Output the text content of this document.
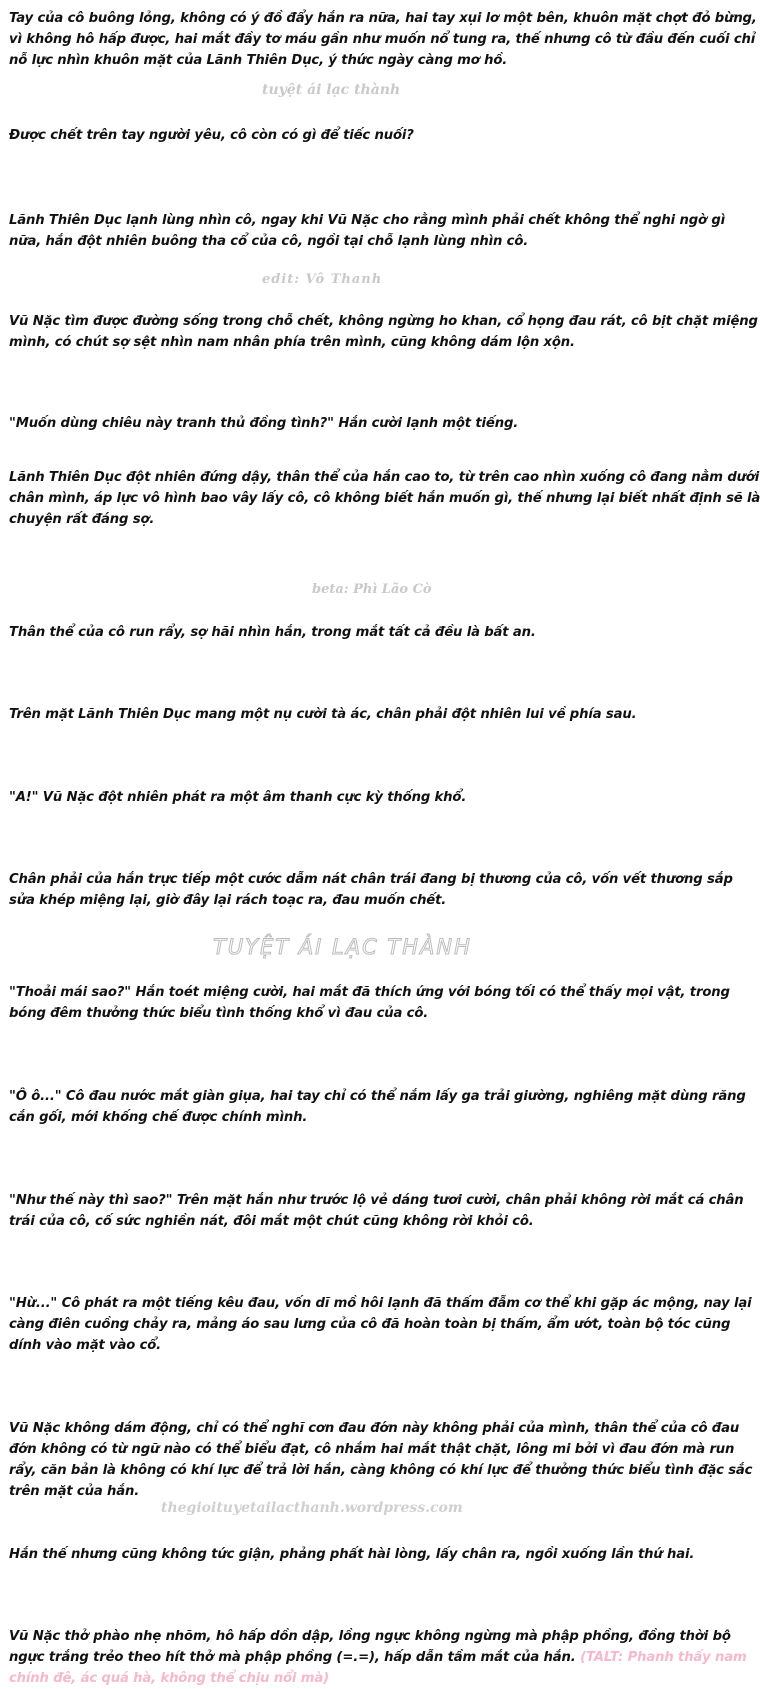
Tay của cô buông lỏng, không có ý đồ đẩy hắn ra nữa, hai tay xụi lơ một bên, khuôn mặt chợt đỏ bừng, vì không hô hấp được, hai mắt đầy tơ máu gần như muốn nổ tung ra, thế nhưng cô từ đầu đến cuối chỉ nỗ lực nhìn khuôn mặt của Lãnh Thiên Dục, ý thức ngày càng mơ hồ.

tuyệt ái lạc thành

Được chết trên tay người yêu, cô còn có gì để tiếc nuối?

Lãnh Thiên Dục lạnh lùng nhìn cô, ngay khi Vũ Nặc cho rằng mình phải chết không thể nghi ngờ gì nữa, hắn đột nhiên buông tha cổ của cô, ngồi tại chỗ lạnh lùng nhìn cô.

edit: Vô Thanh

Vũ Nặc tìm được đường sống trong chỗ chết, không ngừng ho khan, cổ họng đau rát, cô bịt chặt miệng mình, có chút sợ sệt nhìn nam nhân phía trên mình, cũng không dám lộn xộn.

"Muốn dùng chiêu này tranh thủ đồng tình?" Hắn cười lạnh một tiếng.

Lãnh Thiên Dục đột nhiên đứng dậy, thân thể của hắn cao to, từ trên cao nhìn xuống cô đang nằm dưới chân mình, áp lực vô hình bao vây lấy cô, cô không biết hắn muốn gì, thế nhưng lại biết nhất định sẽ là chuyện rất đáng sợ.

beta: Phì Lão Cò

Thân thể của cô run rẩy, sợ hãi nhìn hắn, trong mắt tất cả đều là bất an.

Trên mặt Lãnh Thiên Dục mang một nụ cười tà ác, chân phải đột nhiên lui về phía sau.

"A!" Vũ Nặc đột nhiên phát ra một âm thanh cực kỳ thống khổ.

Chân phải của hắn trực tiếp một cước dẫm nát chân trái đang bị thương của cô, vốn vết thương sắp sửa khép miệng lại, giờ đây lại rách toạc ra, đau muốn chết.

TUYỆT ÁI LẠC THÀNH

"Thoải mái sao?" Hắn toét miệng cười, hai mắt đã thích ứng với bóng tối có thể thấy mọi vật, trong bóng đêm thưởng thức biểu tình thống khổ vì đau của cô.

"Ô ô..." Cô đau nước mắt giàn giụa, hai tay chỉ có thể nắm lấy ga trải giường, nghiêng mặt dùng răng cắn gối, mới khống chế được chính mình.

"Như thế này thì sao?" Trên mặt hắn như trước lộ vẻ dáng tươi cười, chân phải không rời mắt cá chân trái của cô, cố sức nghiền nát, đôi mắt một chút cũng không rời khỏi cô.

"Hừ..." Cô phát ra một tiếng kêu đau, vốn dĩ mồ hôi lạnh đã thấm đẫm cơ thể khi gặp ác mộng, nay lại càng điên cuồng chảy ra, mảng áo sau lưng của cô đã hoàn toàn bị thấm, ẩm ướt, toàn bộ tóc cũng dính vào mặt vào cổ.

Vũ Nặc không dám động, chỉ có thể nghĩ cơn đau đớn này không phải của mình, thân thể của cô đau đớn không có từ ngữ nào có thể biểu đạt, cô nhắm hai mắt thật chặt, lông mi bởi vì đau đớn mà run rẩy, căn bản là không có khí lực để trả lời hắn, càng không có khí lực để thưởng thức biểu tình đặc sắc trên mặt của hắn.

thegioituyetailacthanh.wordpress.com

Hắn thế nhưng cũng không tức giận, phảng phất hài lòng, lấy chân ra, ngồi xuống lần thứ hai.

Vũ Nặc thở phào nhẹ nhõm, hô hấp dồn dập, lồng ngực không ngừng mà phập phồng, đồng thời bộ ngực trắng trẻo theo hít thở mà phập phồng (=.=), hấp dẫn tầm mắt của hắn. (TALT: Phanh thấy nam chính đê, ác quá hà, không thể chịu nổi mà)
